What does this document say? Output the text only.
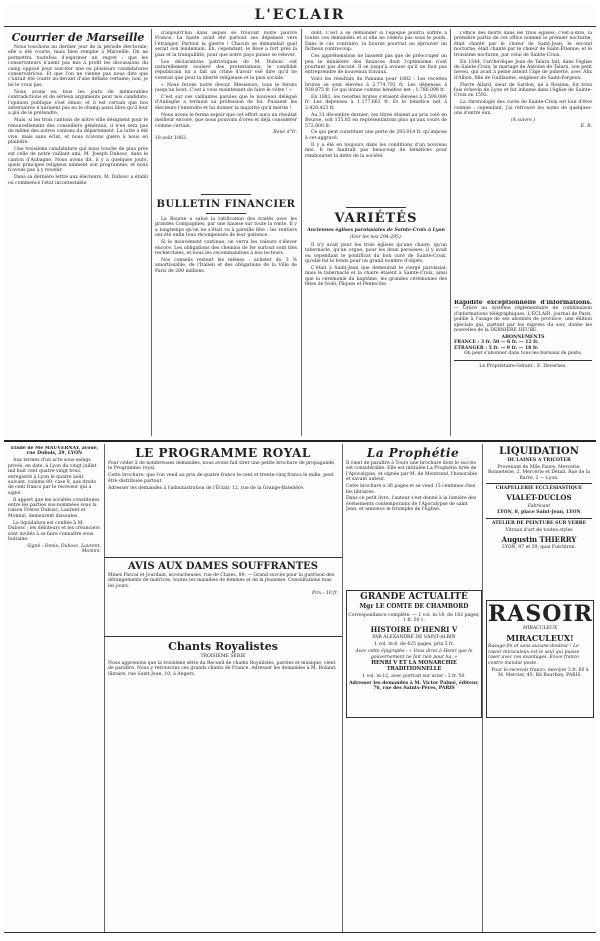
L'ECLAIR
Courrier de Marseille

Nous touchons au dernier jour de la période électorale; elle a été courte, mais bien remplie à Marseille. On ne permettra toutefois d'exprimer un regret : que les conservateurs n'aient pas mis à profit les discussions du camp opposé pour susciter une ou plusieurs candidatures conservatrices. Et que l'on ne vienne pas nous dire que c'aurait été courir au-devant d'une défaite certaine; non, je ne le crois pas.

Nous avons eu tous les jours de mémorables contradictions et de sérieux arguments pour nos candidats; l'opinion publique s'est émue, et il est certain que nos adversaires n'auraient pas eu le champ aussi libre qu'il leur a plu de le prétendre.

Mais, si les trois cantons de notre ville désignent pour le renouvellement des conseillers généraux, il n'en sera pas de même des autres cantons du département. La lutte a été vive, mais sans éclat, et nous n'avons guère à nous en plaindre.

Une troisième candidature qui nous touche de plus près est celle de notre vaillant ami, M. Joseph Dubosc, dans le canton d'Aubagne. Nous avons dit, il y a quelques jours, quels principes religieux animent son programme, et nous n'avons pas à y revenir.

Dans sa dernière lettre aux électeurs, M. Dubosc a établi ou commencé l'état incontestable

d'aujourd'hui dans lequel se trouvait notre pauvre France. La haute avait été partout ses dépenses vers l'étranger. Partout la guerre ! Chacun se demandait quel serait son lendemain. Eh, cependant, le Bosé a fort près la paix et la tranquillité, pour que notre pays puisse se relever.

Les déclarations patriotiques de M. Dubosc ont naturellement soulevé des protestations; le candidat républicain lui a fait un crime d'avoir osé dire qu'il ne voterait que pour la liberté religieuse et la paix sociale.

« Nous ferons notre devoir, Messieurs, tous le ferons jusqu'au bout. C'est à vous maintenant de faire le vôtre ! »

C'est sur ces vaillantes paroles que le nouveau délégué d'Aubagne a terminé sa profession de foi. Puissent les électeurs l'entendre et lui donner la majorité qu'il mérite !

Nous avons le ferme espoir que cet effort aura un résultat meilleur encore, que nous pouvons d'ores et déjà considérer comme certain.

René d'Yr.
18 août 1883.
BULLETIN FINANCIER

La Bourse a salué la ratification des traités avec les grandes Compagnies, par une hausse sur toute la rente. Il y a longtemps qu'on ne s'était vu à pareille fête : les rentiers ont été enfin tous récompensés de leur patience.

Si le mouvement continue, on verra les valeurs s'élever encore. Les obligations des chemins de fer surtout sont très recherchées, et nous les recommandons à nos lecteurs.

Nos conseils restent les mêmes : acheter du 3 % amortissable, de l'Italien et des obligations de la Ville de Paris de 200 millions.

dont. C'est à se demander si l'époque pourra suffire à toutes ces demandes et si elle ne cédera pas sous le poids. Dans le cas contraire, la bourse pourrait ne éprouver un fâcheux contrecoup.

Ces appréhensions ne laissent pas que de préoccuper un peu le ministère des finances dont l'optimisme n'est pourtant pas discuté. Il se jusqu'à avouer qu'il ne faut pas entreprendre de nouveaux travaux.

Voici les résultats du Panama pour 1882 : Les recettes brutes se sont élevées à 2.774.792 fr. Les dépenses à 938.875 fr. Ce qui donne comme bénéfice net : 1.786.098 fr.

En 1881, les recettes brutes s'étaient élevées à 3.598.086 fr. Les dépenses à 1.177.663 fr. Et le bénéfice net à 2.420.423 fr.

Au 31 décembre dernier, ces titres étaient au prix coté en Bourse, soit 135.85 en représentations plus qu'aux cours de 572.000 fr.

Ce qui peut constituer une perte de 293.014 fr. qu'impose à cet aggravé.

Il y a été en toujours dans les conditions d'un nouveau moi. Il ne faudrait pas beaucoup de bénéfices pour rembourser la dette de la société.

VARIÉTÉS
Anciennes églises paroissiales de Sainte-Croix à Lyon
(Voir les nos 294-295).

Il n'y avait pour les trois églises qu'une chaire, qu'un tabernacle, qu'un orgue, pour les deux paroisses; il y avait eu cependant le pontificat du bon curé de Sainte-Croix, qu'elle fut le fonds pour un grand nombre d'objets.

C'était à Saint-Jean que demeurait le clergé paroissial; mais le tabernacle et la chaire étaient à Sainte-Croix, ainsi que la cérémonie du baptême, les grandes cérémonies des fêtes de Noël, Pâques et Pentecôte.

l'office des morts dans les trois églises; c'est-à-dire, la première partie de cet office nommé le premier nocturne, était chanté par le chœur de Saint-Jean; le second nocturne, était chanté par le chœur de Saint-Étienne; et le troisième nocturne, par celui de Sainte-Croix.

En 1544, l'archevêque Jean de Talaru fait, dans l'église de Sainte-Croix, le mariage de Antoine de Talaru, son petit neveu, qui avait à peine atteint l'âge de puberté, avec Alix d'Albon, fille de Guillaume, seigneur de Saint-Forgeux.

Pierre Allard, sieur de Sardon, né à Roanne, fut trois fois échevin de Lyon et fut inhumé dans l'église de Sainte-Croix en 1592.

La chronologie des curés de Sainte-Croix est loin d'être connue ; cependant, j'ai retrouvé les noms de quelques-uns d'entre eux.

(A suivre.)
E. R.

Rapidité exceptionnelle d'informations. — Grâce au système réglementaire de combinaison d'informations télégraphiques, L'ÉCLAIR, journal de Paris, publie à l'usage de ses abonnés de province, une édition spéciale qui, partant par les express du soir, donne les nouvelles de la DERNIÈRE HEURE.

ABONNEMENTS
FRANCE : 3 fr. 50 — 6 fr. — 12 fr.
ÉTRANGER : 5 fr. — 9 fr. — 18 fr.
On peut s'abonner dans tous les bureaux de poste.
Le Propriétaire-Gérant : E. Devernes.

Étude de Me MAUVERNAY, avoué, rue Dubois, 29, LYON

Aux termes d'un acte sous-seings privés, en date, à Lyon du vingt juillet mil huit cent quatre-vingt trois, enregistré à Lyon le quatre août suivant, volume 89, case 8, aux droits de cent francs par le receveur qui a signé.

Il appert que les sociétés constituées entre les parties sus-nommées sous la raison Frères Dubosc, Laurent et Monnin, demeurent dissoutes.

La liquidation est confiée à M. Dubosc ; les débiteurs et les créanciers sont invités à se faire connaître sous huitaine.

Signé : Denis, Dubosc, Laurent, Monnin.

LE PROGRAMME ROYAL

Pour céder à de nombreuses demandes, nous avons fait tirer une petite brochure de propagande, le Programme royal.

Cette brochure, que l'on vend au prix de quatre francs le cent et trente-cinq francs le mille, peut être distribuée partout.

Adresser les demandes à l'administration de l'Éclair, 12, rue de la Grange-Batelière.

AVIS AUX DAMES SOUFFRANTES

Mmes Pascal et Jourdain, accoucheuses, rue de Cluzes, 89. — Grand succès pour la guérison des dérangements de matrices, toutes les maladies de femmes et de la jeunesse. Consultations tous les jours.

Prix : 10 fr.

Chants Royalistes

TROISIÈME SÉRIE

Nous apprenons que la troisième série du Recueil de chants Royalistes, paroles et musique, vient de paraître. Nous y retrouvons ces grands chants de France. Adresser les demandes à M. Roland, libraire, rue Saint-Jean, 10, à Angers.

La Prophétie

Il vient de paraître à Tours une brochure dont le succès est considérable. Elle est intitulée La Prophétie tirée de l'Apocalypse, et signée par M. de Montrond, l'honorable et savant auteur.

Cette brochure a 36 pages et se vend 15 centimes chez les libraires.

Dans ce petit livre, l'auteur s'est donné à la lumière des événements contemporains de l'Apocalypse de saint Jean, et annonce le triomphe de l'Église.

GRANDE ACTUALITÉ

Mgr LE COMTE DE CHAMBORD

Correspondance complète. — 1 vol. in-18, de 182 pages, 1 fr. 50 c.

HISTOIRE D'HENRI V

PAR ALEXANDRE DE SAINT-ALBIN

1 vol. in-8, de 425 pages, prix 5 fr.

Avec cette épigraphe : « Vous direz à Henri que le gouvernement ne fait rien pour lui. »

HENRI V ET LA MONARCHIE TRADITIONNELLE

1 vol. in-12, avec portrait sur acier : 3 fr. 50.

Adresser les demandes à M. Victor Palmé, éditeur, 76, rue des Saints-Pères, PARIS

LIQUIDATION

DE LAINES A TRICOTER

Provenant de Mlle Faure, Mercerie, Bonneterie, 2, Mercerie et Détail. Rue de la Barre, 2 — Lyon.

CHAPELLERIE ECCLÉSIASTIQUE

VIALET-DUCLOS

Fabricant

LYON, 8, place Saint-Jean, LYON

ATELIER DE PEINTURE SUR VERRE

Vitraux d'art de toutes styles

Augustin THIERRY

LYON, 87 et 39, quai Fulchiron.

RASOIR

MIRACULEUX

MIRACULEUX!

Rasage-fin et sans aucune douleur ! Le rasoir miraculeux est le seul qui puisse raser avec ces avantages. Envoi franco contre mandat-poste.

Pour le recevoir franco, envoyer 3 fr. 60 à M. Mercier, 45, Bd Bourbon, PARIS.
